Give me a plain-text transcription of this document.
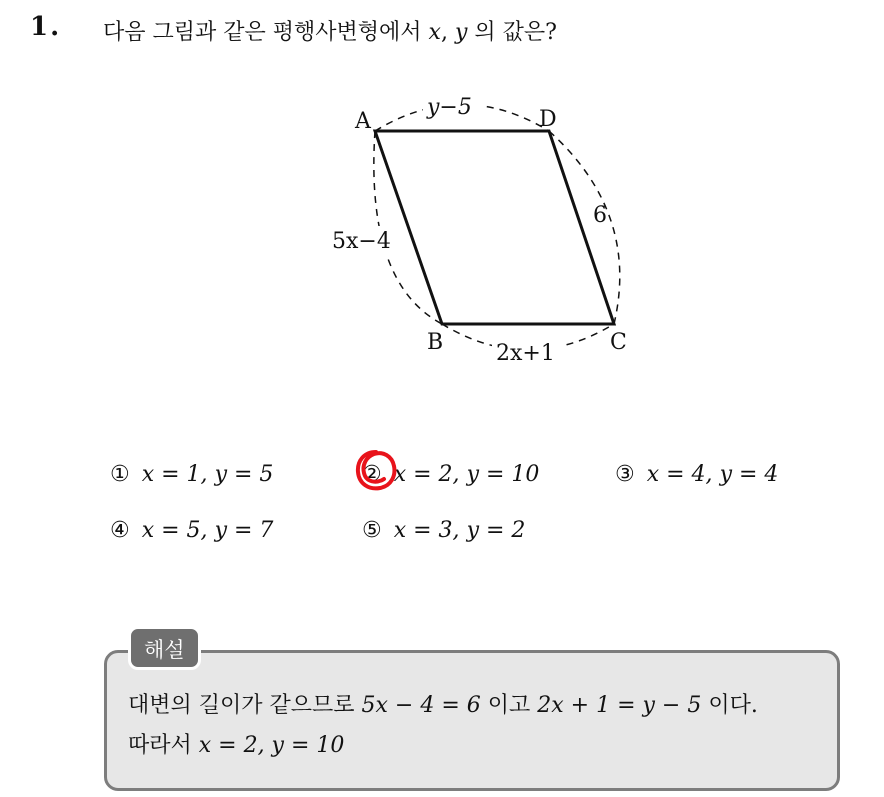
1. 다음 그림과 같은 평행사변형에서 x, y 의 값은?
A	D
B	C
y−5
5x−4
6
2x+1
① x = 1, y = 5	② x = 2, y = 10	③ x = 4, y = 4
④ x = 5, y = 7	⑤ x = 3, y = 2
해설
대변의 길이가 같으므로 5x − 4 = 6 이고 2x + 1 = y − 5 이다.
따라서 x = 2, y = 10
